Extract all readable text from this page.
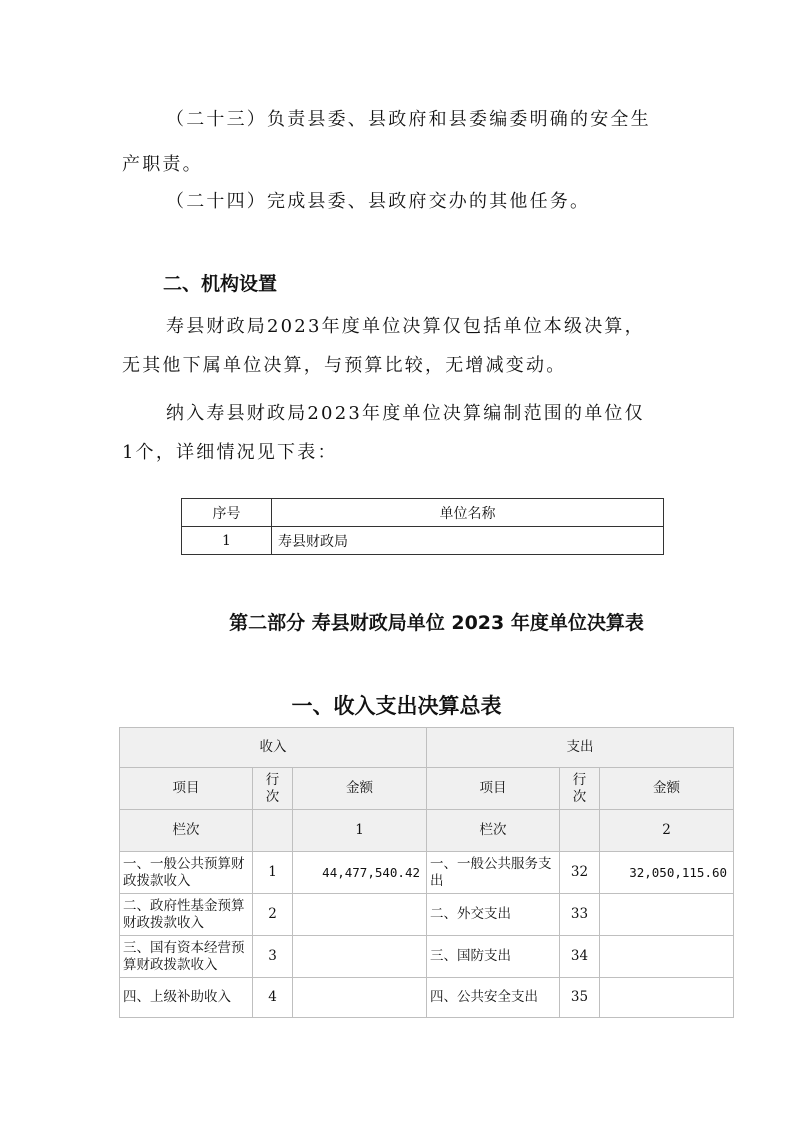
（二十三）负责县委、县政府和县委编委明确的安全生

产职责。

（二十四）完成县委、县政府交办的其他任务。

二、机构设置

寿县财政局2023年度单位决算仅包括单位本级决算，

无其他下属单位决算，与预算比较，无增减变动。

纳入寿县财政局2023年度单位决算编制范围的单位仅

1个，详细情况见下表：

序号	单位名称
1	寿县财政局
第二部分 寿县财政局单位 2023 年度单位决算表
一、收入支出决算总表
收入			支出		
项目	行次	金额	项目	行次	金额
栏次		1	栏次		2
一、一般公共预算财政拨款收入	1	44,477,540.42	一、一般公共服务支出	32	32,050,115.60
二、政府性基金预算财政拨款收入	2		二、外交支出	33	
三、国有资本经营预算财政拨款收入	3		三、国防支出	34	
四、上级补助收入	4		四、公共安全支出	35	
